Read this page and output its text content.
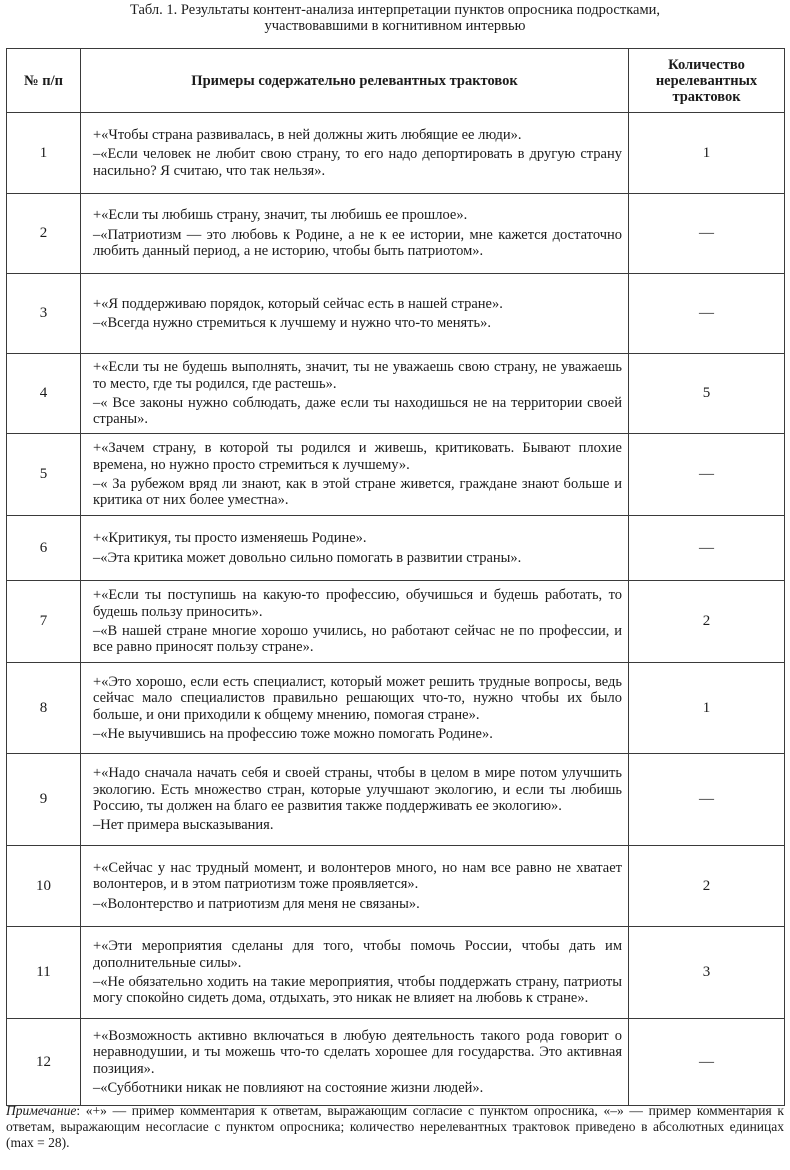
Табл. 1. Результаты контент-анализа интерпретации пунктов опросника подростками,
участвовавшими в когнитивном интервью
№ п/п	Примеры содержательно релевантных трактовок	Количество нерелевантных трактовок
1	+«Чтобы страна развивалась, в ней должны жить любящие ее люди».

–«Если человек не любит свою страну, то его надо депортировать в другую страну насильно? Я считаю, что так нельзя».	1
2	+«Если ты любишь страну, значит, ты любишь ее прошлое».

–«Патриотизм — это любовь к Родине, а не к ее истории, мне кажется достаточно любить данный период, а не историю, чтобы быть патриотом».	—
3	+«Я поддерживаю порядок, который сейчас есть в нашей стране».

–«Всегда нужно стремиться к лучшему и нужно что-то менять».	—
4	+«Если ты не будешь выполнять, значит, ты не уважаешь свою страну, не уважаешь то место, где ты родился, где растешь».

–« Все законы нужно соблюдать, даже если ты находишься не на территории своей страны».	5
5	+«Зачем страну, в которой ты родился и живешь, критиковать. Бывают плохие времена, но нужно просто стремиться к лучшему».

–« За рубежом вряд ли знают, как в этой стране живется, граждане знают больше и критика от них более уместна».	—
6	+«Критикуя, ты просто изменяешь Родине».

–«Эта критика может довольно сильно помогать в развитии страны».	—
7	+«Если ты поступишь на какую-то профессию, обучишься и будешь работать, то будешь пользу приносить».

–«В нашей стране многие хорошо учились, но работают сейчас не по профессии, и все равно приносят пользу стране».	2
8	+«Это хорошо, если есть специалист, который может решить трудные вопросы, ведь сейчас мало специалистов правильно решающих что-то, нужно чтобы их было больше, и они приходили к общему мнению, помогая стране».

–«Не выучившись на профессию тоже можно помогать Родине».	1
9	+«Надо сначала начать себя и своей страны, чтобы в целом в мире потом улучшить экологию. Есть множество стран, которые улучшают экологию, и если ты любишь Россию, ты должен на благо ее развития также поддерживать ее экологию».

–Нет примера высказывания.	—
10	+«Сейчас у нас трудный момент, и волонтеров много, но нам все равно не хватает волонтеров, и в этом патриотизм тоже проявляется».

–«Волонтерство и патриотизм для меня не связаны».	2
11	+«Эти мероприятия сделаны для того, чтобы помочь России, чтобы дать им дополнительные силы».

–«Не обязательно ходить на такие мероприятия, чтобы поддержать страну, патриоты могу спокойно сидеть дома, отдыхать, это никак не влияет на любовь к стране».	3
12	+«Возможность активно включаться в любую деятельность такого рода говорит о неравнодушии, и ты можешь что-то сделать хорошее для государства. Это активная позиция».

–«Субботники никак не повлияют на состояние жизни людей».	—
Примечание: «+» — пример комментария к ответам, выражающим согласие с пунктом опросника, «–» — пример комментария к ответам, выражающим несогласие с пунктом опросника; количество нерелевантных трактовок приведено в абсолютных единицах (max = 28).
